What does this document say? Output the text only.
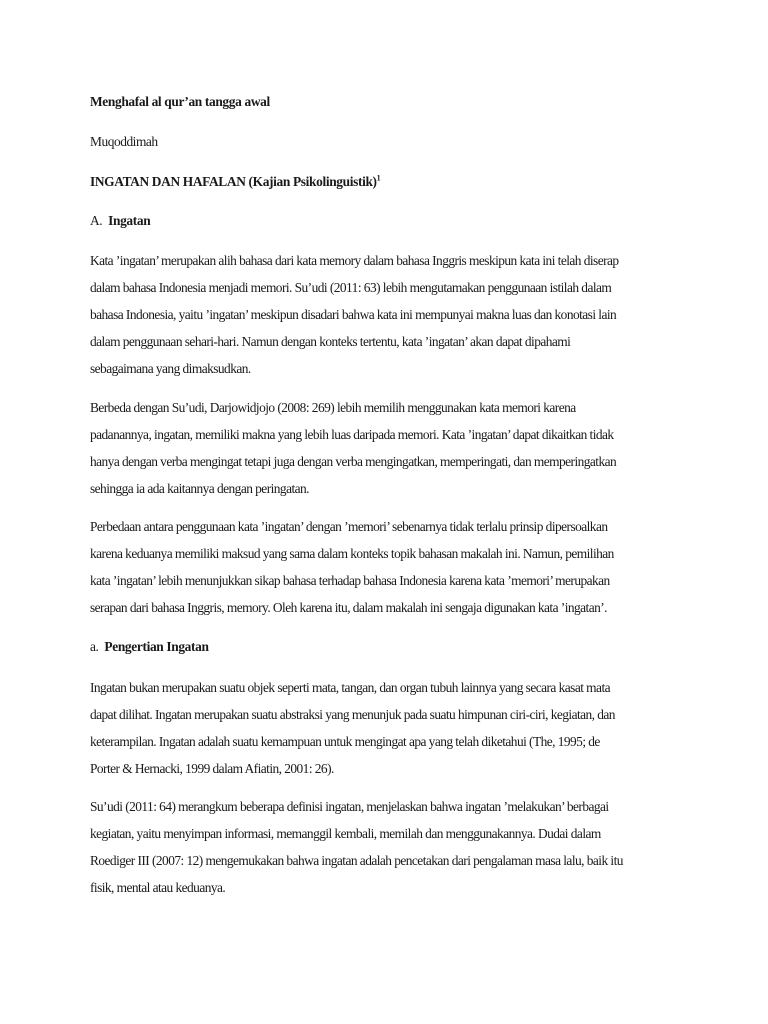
Menghafal al qur’an tangga awal

Muqoddimah

INGATAN DAN HAFALAN (Kajian Psikolinguistik)$^1$

A. Ingatan

Kata ’ingatan’ merupakan alih bahasa dari kata memory dalam bahasa Inggris meskipun kata ini telah diserap
dalam bahasa Indonesia menjadi memori. Su’udi (2011: 63) lebih mengutamakan penggunaan istilah dalam
bahasa Indonesia, yaitu ’ingatan’ meskipun disadari bahwa kata ini mempunyai makna luas dan konotasi lain
dalam penggunaan sehari-hari. Namun dengan konteks tertentu, kata ’ingatan’ akan dapat dipahami
sebagaimana yang dimaksudkan.
Berbeda dengan Su’udi, Darjowidjojo (2008: 269) lebih memilih menggunakan kata memori karena
padanannya, ingatan, memiliki makna yang lebih luas daripada memori. Kata ’ingatan’ dapat dikaitkan tidak
hanya dengan verba mengingat tetapi juga dengan verba mengingatkan, memperingati, dan memperingatkan
sehingga ia ada kaitannya dengan peringatan.
Perbedaan antara penggunaan kata ’ingatan’ dengan ’memori’ sebenarnya tidak terlalu prinsip dipersoalkan
karena keduanya memiliki maksud yang sama dalam konteks topik bahasan makalah ini. Namun, pemilihan
kata ’ingatan’ lebih menunjukkan sikap bahasa terhadap bahasa Indonesia karena kata ’memori’ merupakan
serapan dari bahasa Inggris, memory. Oleh karena itu, dalam makalah ini sengaja digunakan kata ’ingatan’.

a. Pengertian Ingatan

Ingatan bukan merupakan suatu objek seperti mata, tangan, dan organ tubuh lainnya yang secara kasat mata
dapat dilihat. Ingatan merupakan suatu abstraksi yang menunjuk pada suatu himpunan ciri-ciri, kegiatan, dan
keterampilan. Ingatan adalah suatu kemampuan untuk mengingat apa yang telah diketahui (The, 1995; de
Porter & Hernacki, 1999 dalam Afiatin, 2001: 26).
Su’udi (2011: 64) merangkum beberapa definisi ingatan, menjelaskan bahwa ingatan ’melakukan’ berbagai
kegiatan, yaitu menyimpan informasi, memanggil kembali, memilah dan menggunakannya. Dudai dalam
Roediger III (2007: 12) mengemukakan bahwa ingatan adalah pencetakan dari pengalaman masa lalu, baik itu
fisik, mental atau keduanya.
